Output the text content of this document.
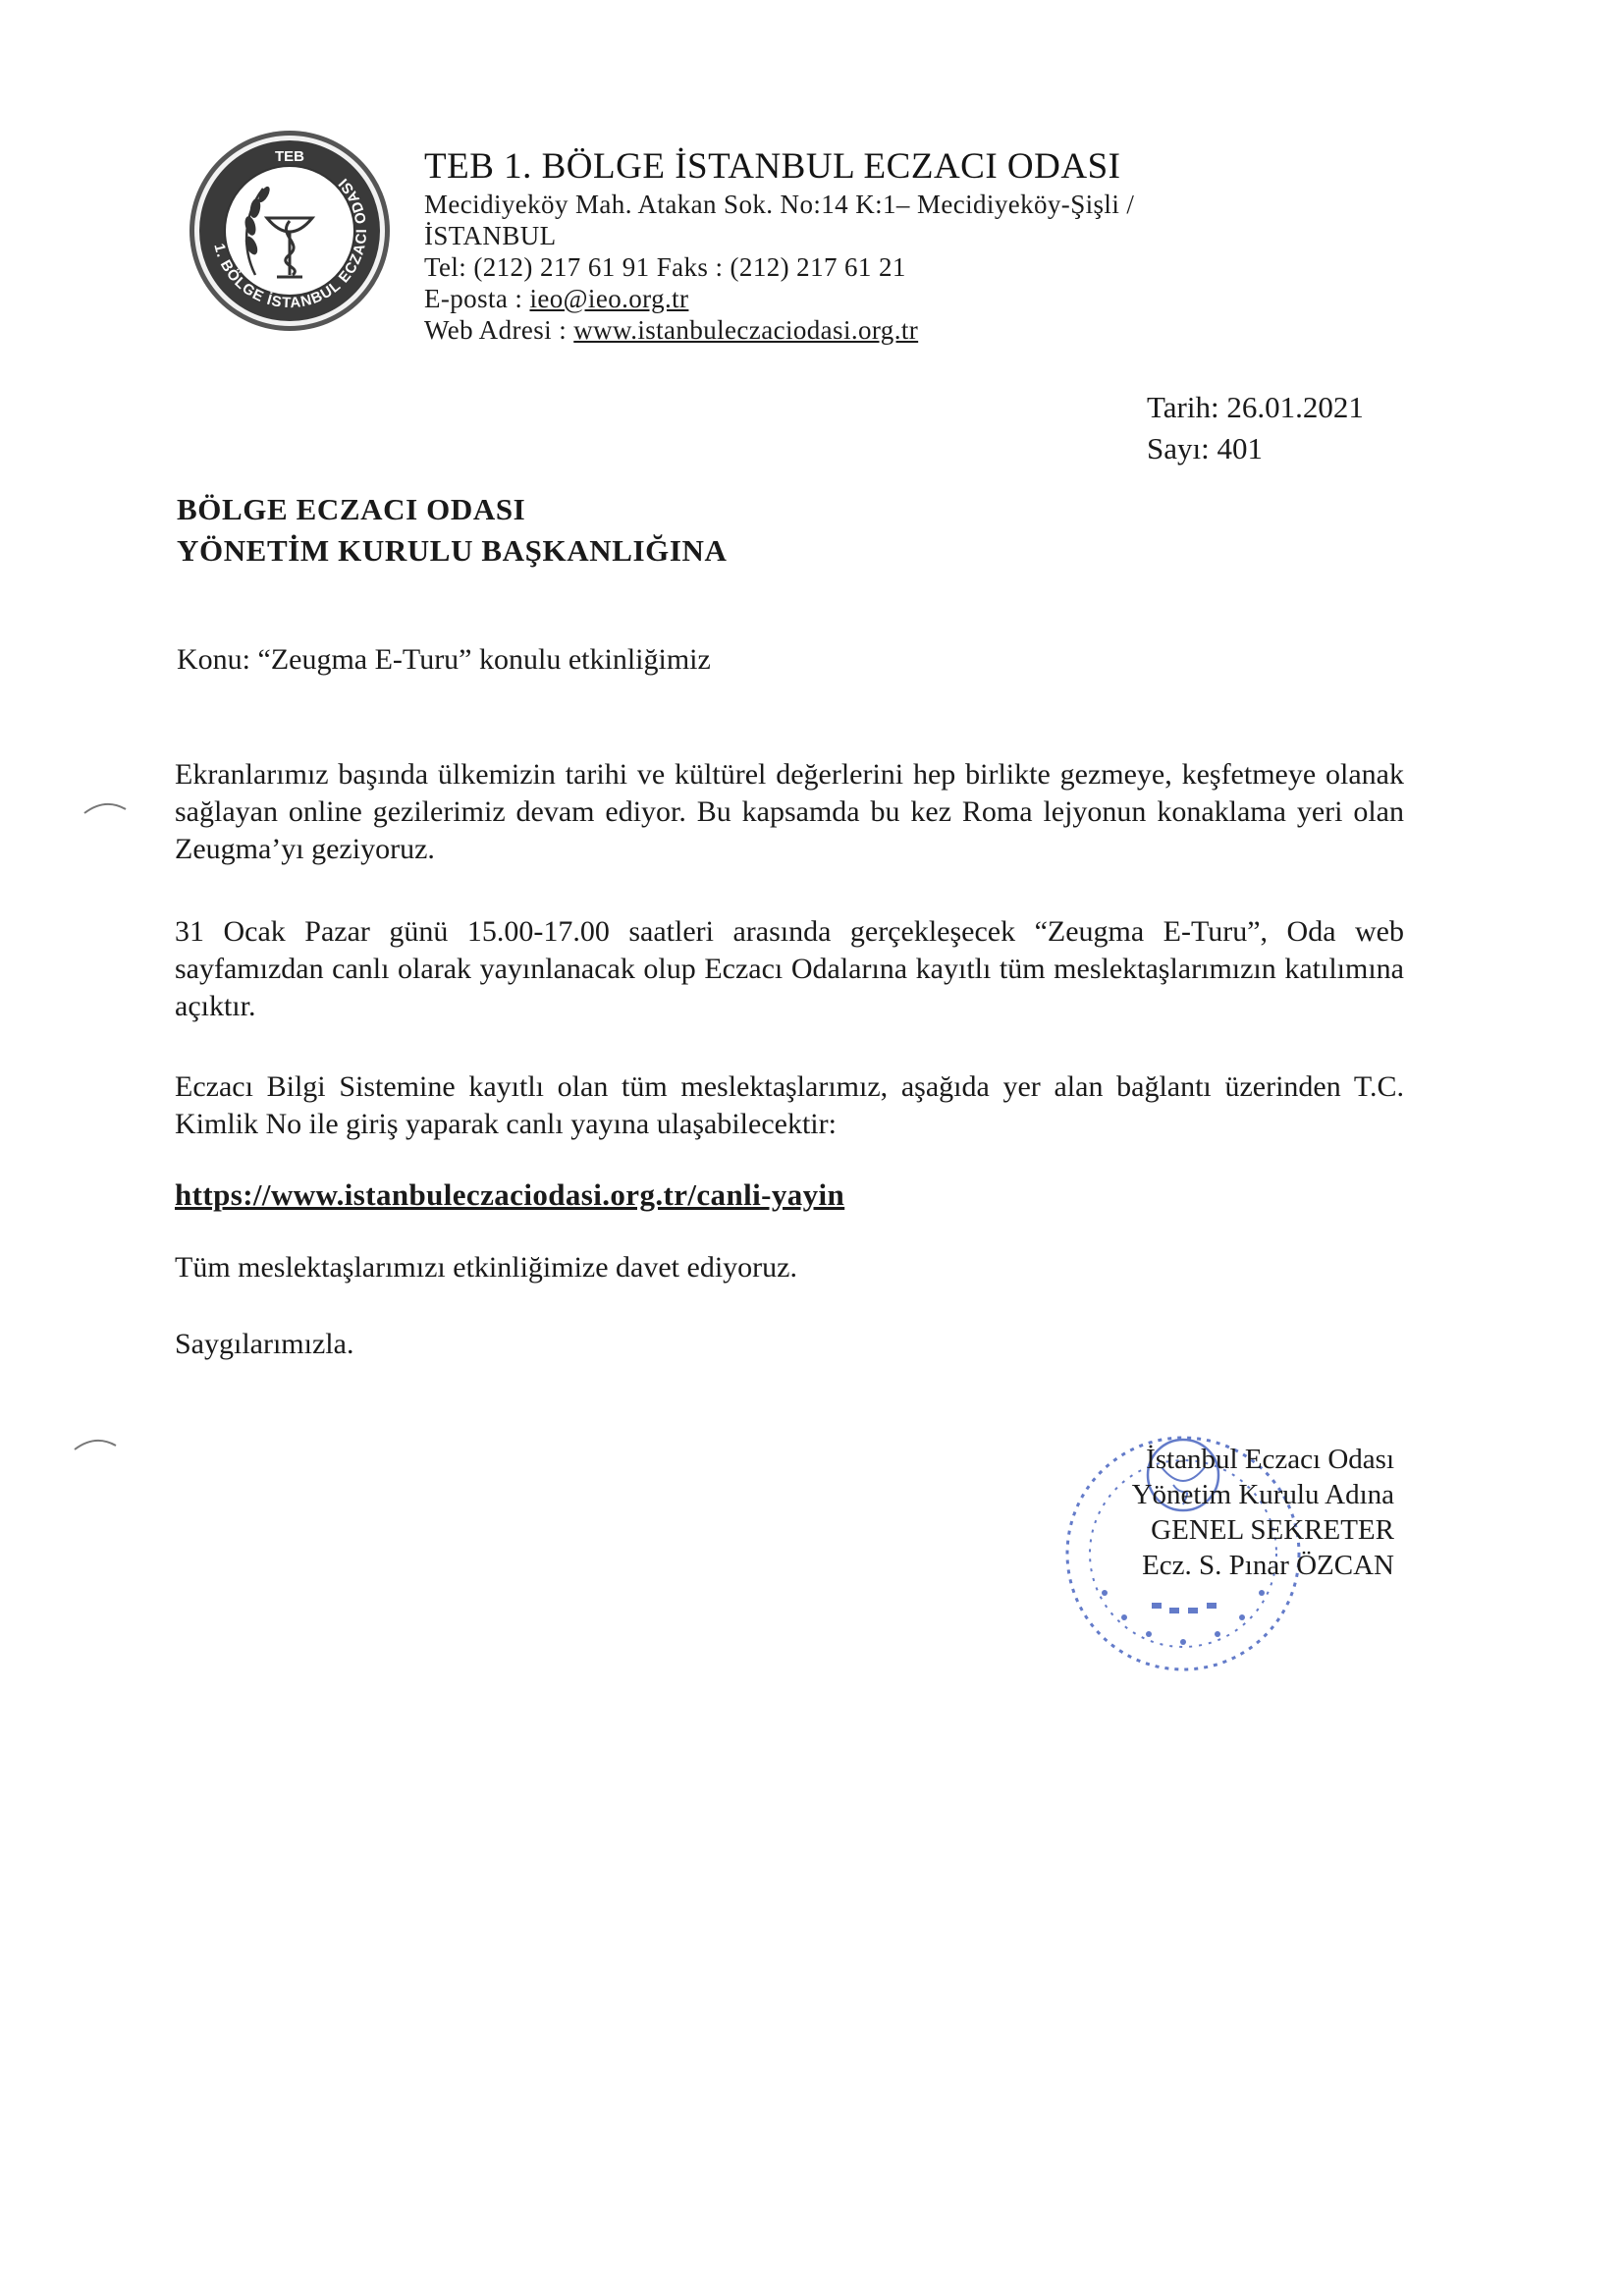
1. BÖLGE İSTANBUL ECZACI ODASI
TEB	TEB 1. BÖLGE İSTANBUL ECZACI ODASI
Mecidiyeköy Mah. Atakan Sok. No:14 K:1– Mecidiyeköy-Şişli /
İSTANBUL
Tel: (212) 217 61 91 Faks : (212) 217 61 21
E-posta : ieo@ieo.org.tr
Web Adresi : www.istanbuleczaciodasi.org.tr
Tarih: 26.01.2021
Sayı: 401
BÖLGE ECZACI ODASI
YÖNETİM KURULU BAŞKANLIĞINA
Konu: “Zeugma E-Turu” konulu etkinliğimiz

Ekranlarımız başında ülkemizin tarihi ve kültürel değerlerini hep birlikte gezmeye, keşfetmeye olanak sağlayan online gezilerimiz devam ediyor. Bu kapsamda bu kez Roma lejyonun konaklama yeri olan Zeugma’yı geziyoruz.

31 Ocak Pazar günü 15.00-17.00 saatleri arasında gerçekleşecek “Zeugma E-Turu”, Oda web sayfamızdan canlı olarak yayınlanacak olup Eczacı Odalarına kayıtlı tüm meslektaşlarımızın katılımına açıktır.

Eczacı Bilgi Sistemine kayıtlı olan tüm meslektaşlarımız, aşağıda yer alan bağlantı üzerinden T.C. Kimlik No ile giriş yaparak canlı yayına ulaşabilecektir:

https://www.istanbuleczaciodasi.org.tr/canli-yayin

Tüm meslektaşlarımızı etkinliğimize davet ediyoruz.

Saygılarımızla.

İstanbul Eczacı Odası
Yönetim Kurulu Adına
GENEL SEKRETER
Ecz. S. Pınar ÖZCAN
